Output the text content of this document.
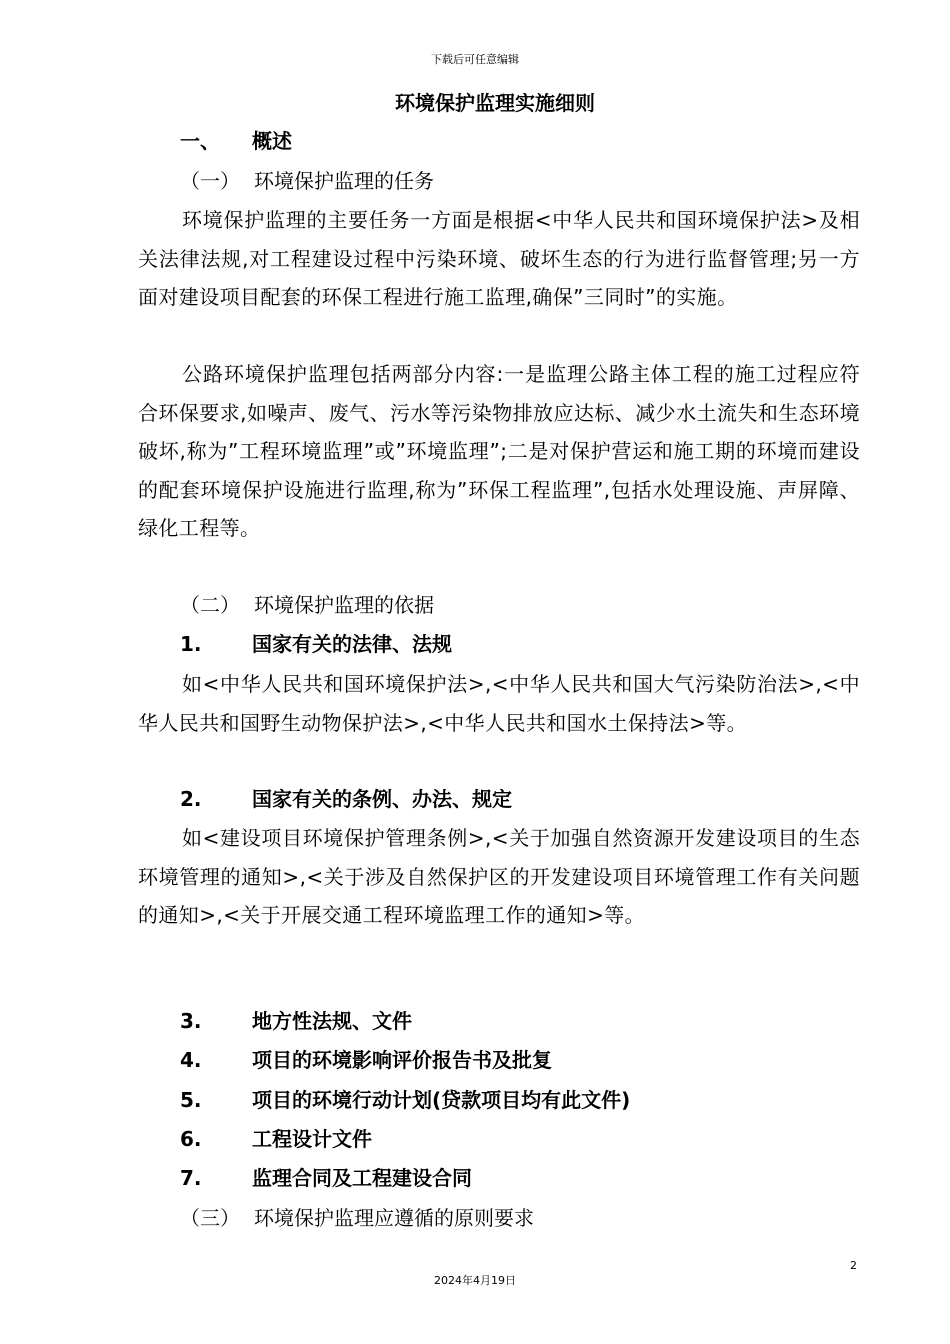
下载后可任意编辑
环境保护监理实施细则
一、	概述
（一） 环境保护监理的任务
环境保护监理的主要任务一方面是根据<中华人民共和国环境保护法>及相关法律法规,对工程建设过程中污染环境、破坏生态的行为进行监督管理;另一方面对建设项目配套的环保工程进行施工监理,确保”三同时”的实施。
公路环境保护监理包括两部分内容:一是监理公路主体工程的施工过程应符合环保要求,如噪声、废气、污水等污染物排放应达标、减少水土流失和生态环境破坏,称为”工程环境监理”或”环境监理”;二是对保护营运和施工期的环境而建设的配套环境保护设施进行监理,称为”环保工程监理”,包括水处理设施、声屏障、绿化工程等。
（二） 环境保护监理的依据
1.	国家有关的法律、法规
如<中华人民共和国环境保护法>,<中华人民共和国大气污染防治法>,<中华人民共和国野生动物保护法>,<中华人民共和国水土保持法>等。
2.	国家有关的条例、办法、规定
如<建设项目环境保护管理条例>,<关于加强自然资源开发建设项目的生态环境管理的通知>,<关于涉及自然保护区的开发建设项目环境管理工作有关问题的通知>,<关于开展交通工程环境监理工作的通知>等。
3.	地方性法规、文件
4.	项目的环境影响评价报告书及批复
5.	项目的环境行动计划(贷款项目均有此文件)
6.	工程设计文件
7.	监理合同及工程建设合同
（三） 环境保护监理应遵循的原则要求
2
2024年4月19日
